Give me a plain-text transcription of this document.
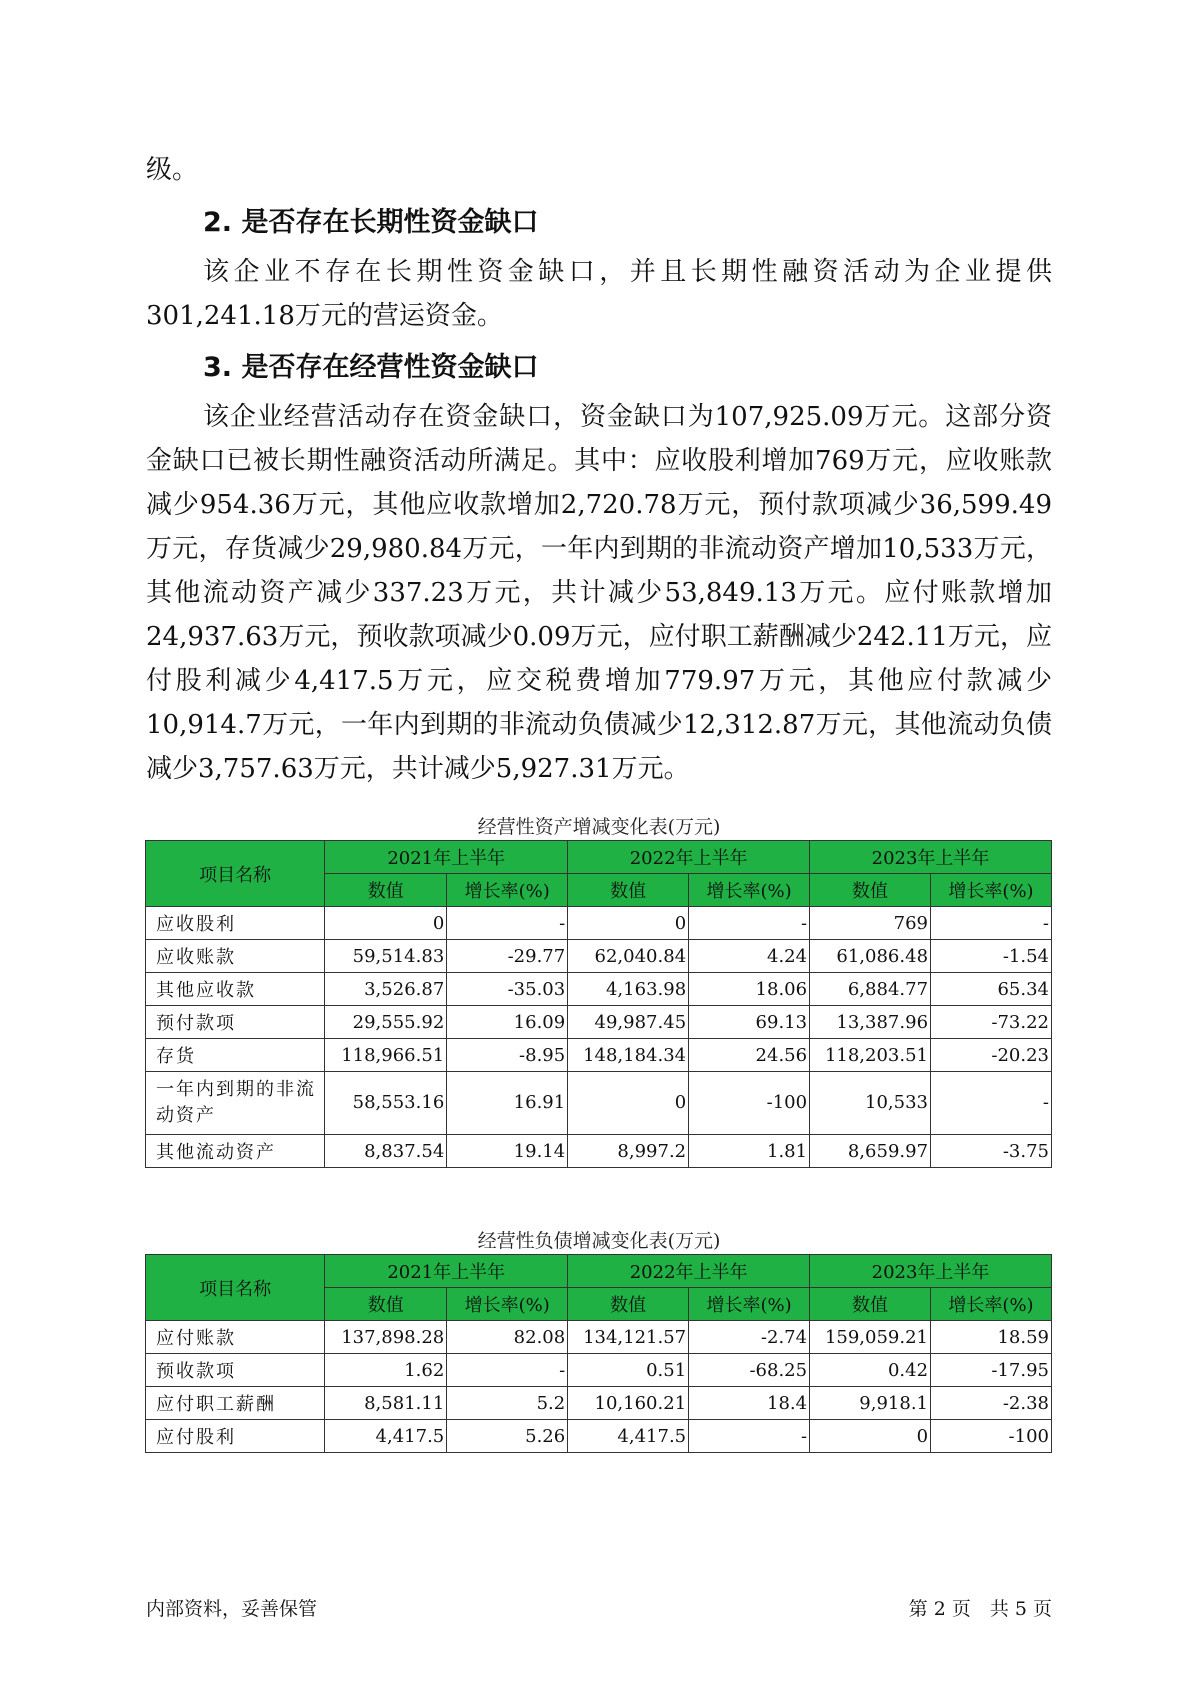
级。
2. 是否存在长期性资金缺口
该企业不存在长期性资金缺口，并且长期性融资活动为企业提供301,241.18万元的营运资金。
3. 是否存在经营性资金缺口
该企业经营活动存在资金缺口，资金缺口为107,925.09万元。这部分资金缺口已被长期性融资活动所满足。其中：应收股利增加769万元，应收账款减少954.36万元，其他应收款增加2,720.78万元，预付款项减少36,599.49万元，存货减少29,980.84万元，一年内到期的非流动资产增加10,533万元，其他流动资产减少337.23万元，共计减少53,849.13万元。应付账款增加24,937.63万元，预收款项减少0.09万元，应付职工薪酬减少242.11万元，应付股利减少4,417.5万元，应交税费增加779.97万元，其他应付款减少10,914.7万元，一年内到期的非流动负债减少12,312.87万元，其他流动负债减少3,757.63万元，共计减少5,927.31万元。
经营性资产增减变化表(万元)
项目名称	2021年上半年		2022年上半年		2023年上半年	
	数值	增长率(%)	数值	增长率(%)	数值	增长率(%)
应收股利	0	-	0	-	769	-
应收账款	59,514.83	-29.77	62,040.84	4.24	61,086.48	-1.54
其他应收款	3,526.87	-35.03	4,163.98	18.06	6,884.77	65.34
预付款项	29,555.92	16.09	49,987.45	69.13	13,387.96	-73.22
存货	118,966.51	-8.95	148,184.34	24.56	118,203.51	-20.23
一年内到期的非流动资产	58,553.16	16.91	0	-100	10,533	-
其他流动资产	8,837.54	19.14	8,997.2	1.81	8,659.97	-3.75
经营性负债增减变化表(万元)
项目名称	2021年上半年		2022年上半年		2023年上半年	
	数值	增长率(%)	数值	增长率(%)	数值	增长率(%)
应付账款	137,898.28	82.08	134,121.57	-2.74	159,059.21	18.59
预收款项	1.62	-	0.51	-68.25	0.42	-17.95
应付职工薪酬	8,581.11	5.2	10,160.21	18.4	9,918.1	-2.38
应付股利	4,417.5	5.26	4,417.5	-	0	-100
内部资料，妥善保管	第 2 页　共 5 页
